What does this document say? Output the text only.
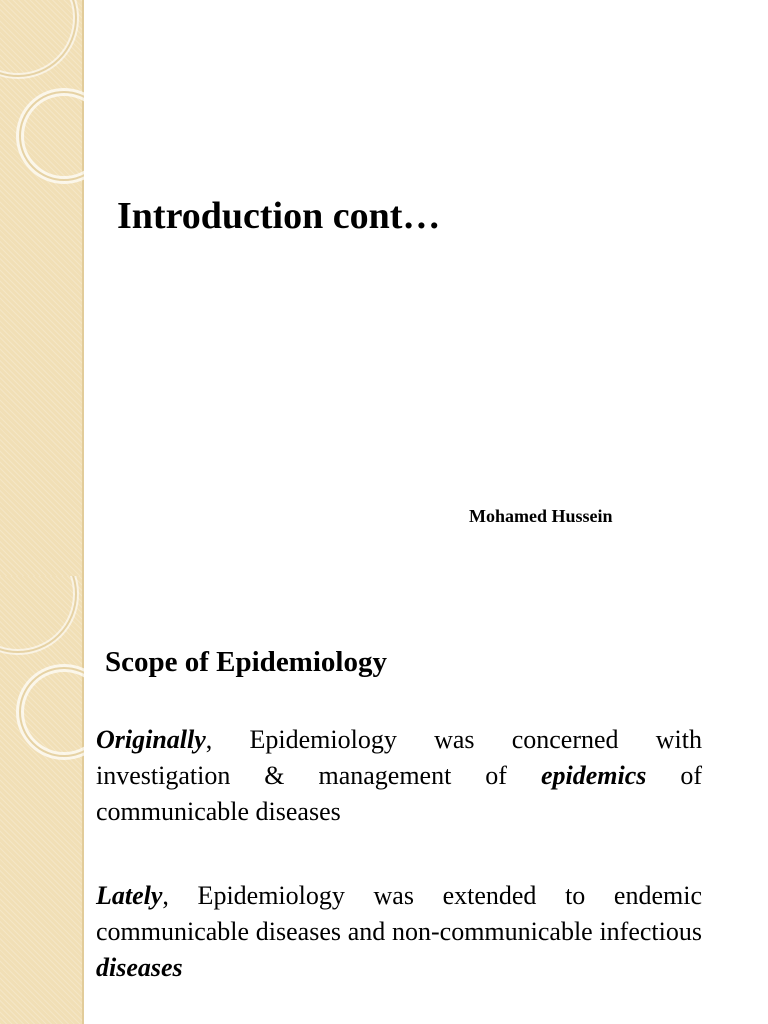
Introduction cont…

Mohamed Hussein

Scope of Epidemiology

Originally, Epidemiology was concerned with investigation & management of epidemics of communicable diseases

Lately, Epidemiology was extended to endemic communicable diseases and non-communicable infectious diseases
